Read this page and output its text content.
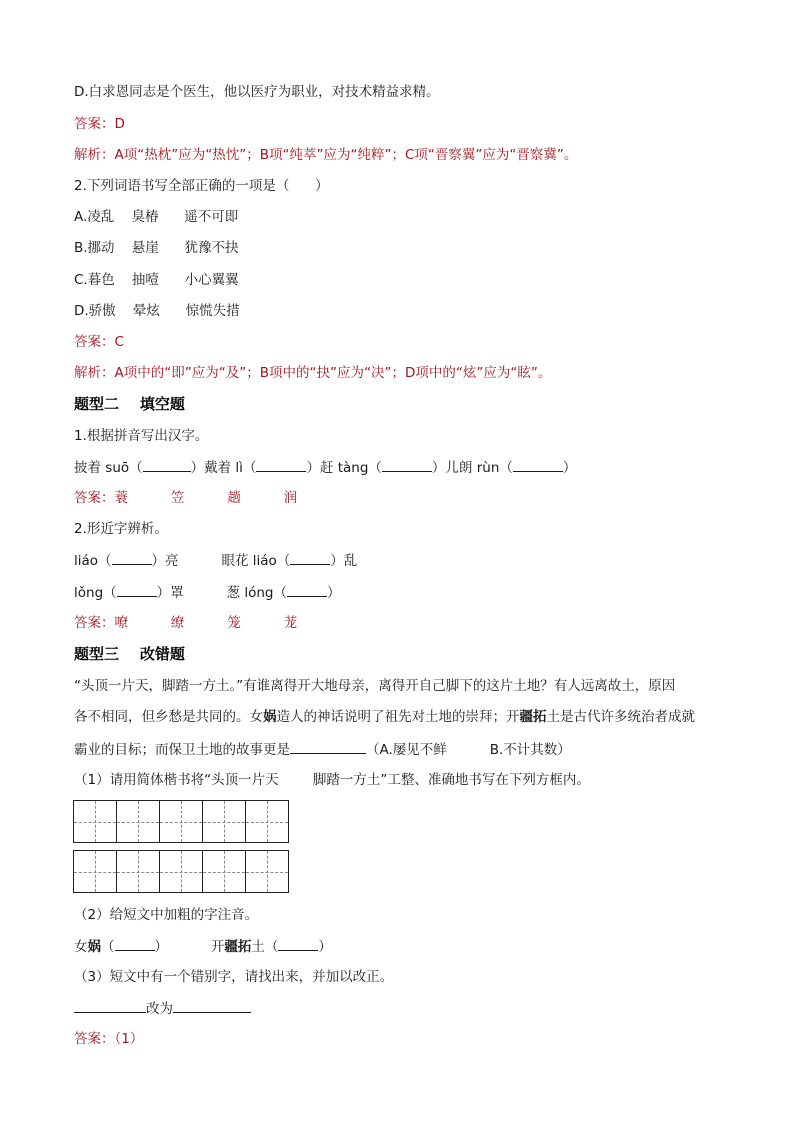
D.白求恩同志是个医生，他以医疗为职业，对技术精益求精。
答案：D
解析：A项“热枕”应为“热忱”；B项“纯萃”应为“纯粹”；C项“晋察翼”应为“晋察冀”。
2.下列词语书写全部正确的一项是（      ）
A.凌乱    臭椿      遥不可即
B.挪动    悬崖      犹豫不抉
C.暮色    抽噎      小心翼翼
D.骄傲    晕炫      惊慌失措
答案：C
解析：A项中的“即”应为“及”；B项中的“抉”应为“决”；D项中的“炫”应为“眩”。
题型二    填空题
1.根据拼音写出汉字。
披着 suō（	）戴着 lì（	）赶 tàng（	）儿朗 rùn（	）
答案：蓑          笠          趟          润
2.形近字辨析。
liáo（	）亮          眼花 liáo（	）乱
lǒng（	）罩          葱 lóng（	）
答案：嘹          缭          笼          茏
题型三    改错题
“头顶一片天，脚踏一方土。”有谁离得开大地母亲，离得开自己脚下的这片土地？有人远离故土，原因
各不相同，但乡愁是共同的。女娲造人的神话说明了祖先对土地的崇拜；开疆拓土是古代许多统治者成就
霸业的目标；而保卫土地的故事更是	（A.屡见不鲜          B.不计其数）
（1）请用简体楷书将“头顶一片天        脚踏一方土”工整、准确地书写在下列方框内。
（2）给短文中加粗的字注音。
女娲（	）          开疆拓土（	）
（3）短文中有一个错别字，请找出来，并加以改正。
改为
答案：（1）
